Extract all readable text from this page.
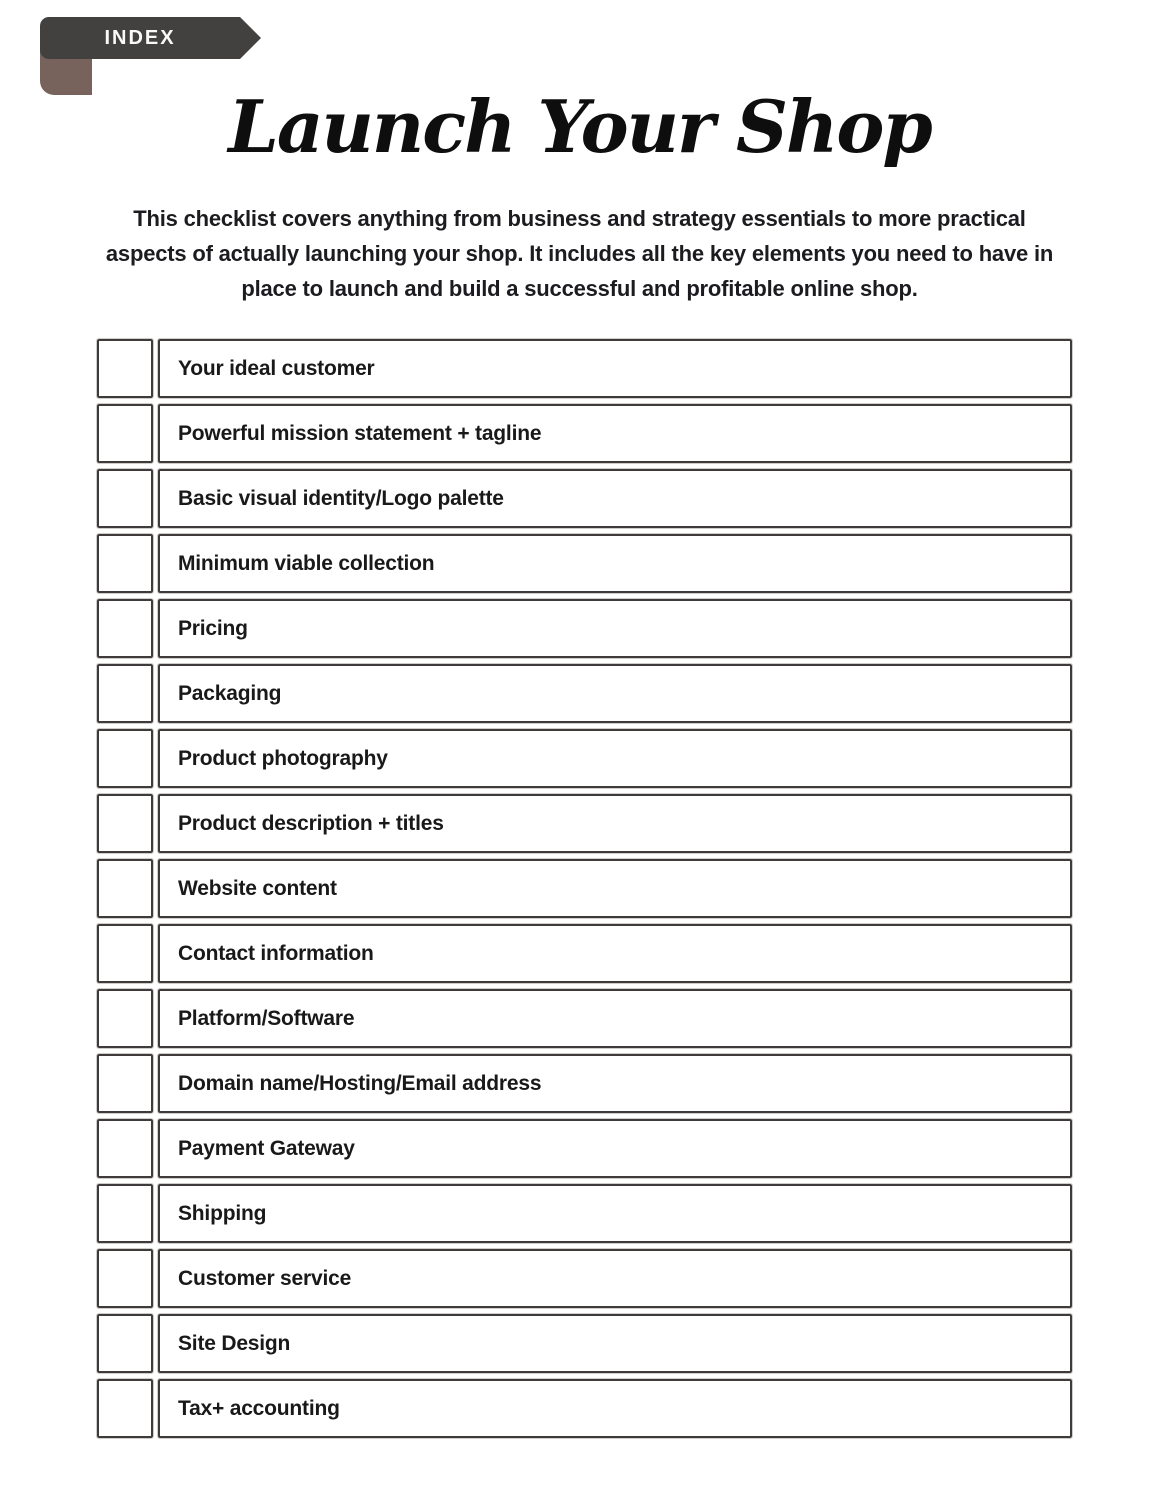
INDEX
Launch Your Shop

This checklist covers anything from business and strategy essentials to more practical aspects of actually launching your shop. It includes all the key elements you need to have in place to launch and build a successful and profitable online shop.

Your ideal customer
Powerful mission statement + tagline
Basic visual identity/Logo palette
Minimum viable collection
Pricing
Packaging
Product photography
Product description + titles
Website content
Contact information
Platform/Software
Domain name/Hosting/Email address
Payment Gateway
Shipping
Customer service
Site Design
Tax+ accounting
